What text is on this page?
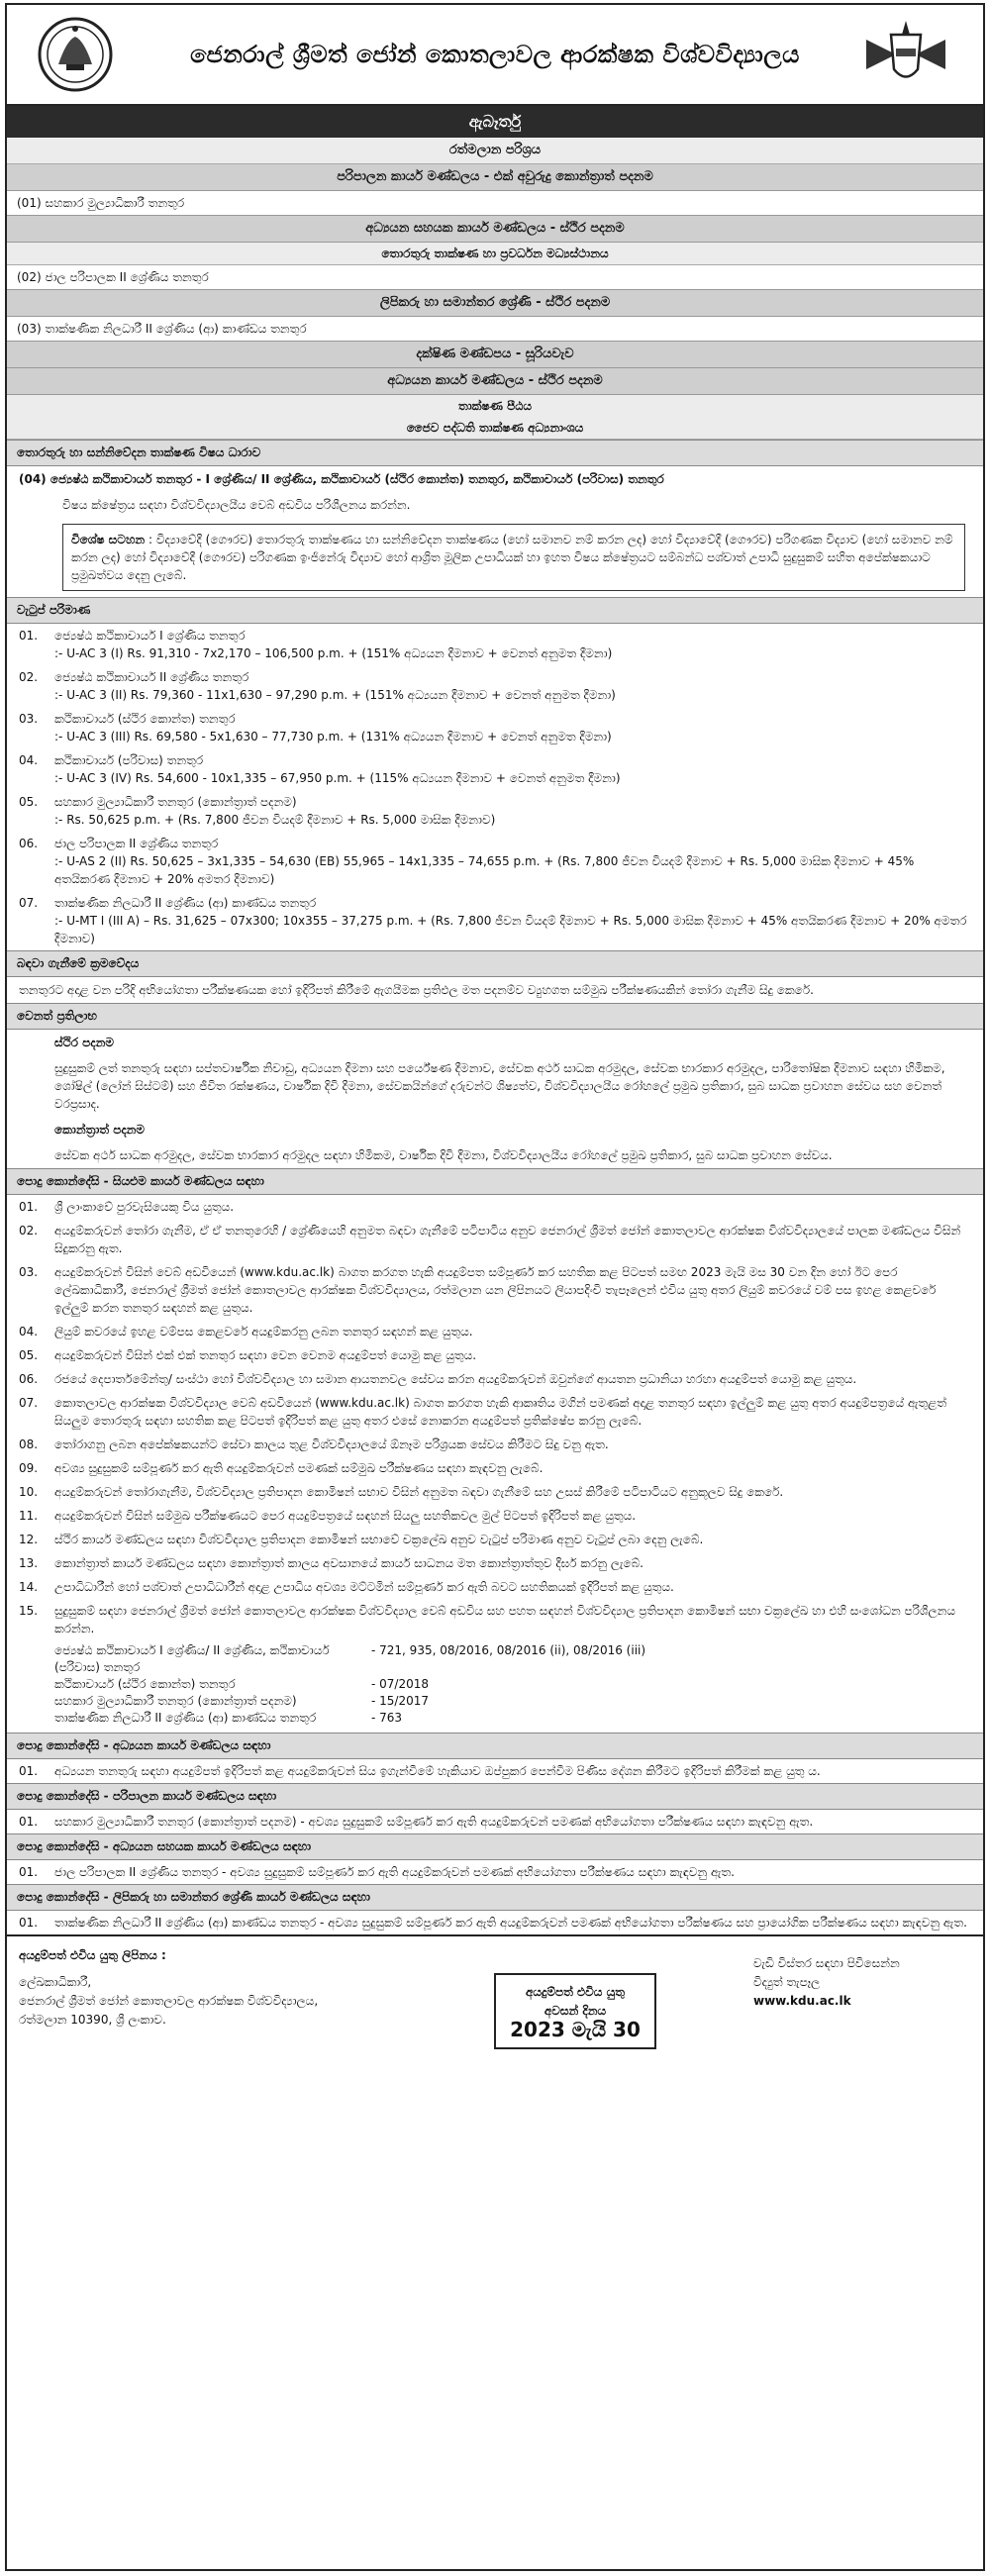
ජෙනරාල් ශ්‍රීමත් ජෝන් කොතලාවල ආරක්ෂක විශ්වවිද්‍යාලය
ඇබෑර්තු
රත්මලාන පරිශ්‍රය
පරිපාලන කාර්ය මණ්ඩලය - එක් අවුරුදු කොන්ත්‍රාත් පදනම
(01) සහකාර මුල්‍යාධිකාරී තනතුර
අධ්‍යයන සහයක කාර්ය මණ්ඩලය - ස්ථිර පදනම
තොරතුරු තාක්ෂණ හා ප්‍රවර්ධන මධ්‍යස්ථානය
(02) ජාල පරිපාලක II ශ්‍රේණිය තනතුර
ලිපිකරු හා සමාන්තර ශ්‍රේණි - ස්ථිර පදනම
(03) තාක්ෂණික නිලධාරී II ශ්‍රේණිය (ආ) කාණ්ඩය තනතුර
දක්ෂිණ මණ්ඩපය - සූරියවැව
අධ්‍යයන කාර්ය මණ්ඩලය - ස්ථිර පදනම
තාක්ෂණ පීඨය
ජෛව පද්ධති තාක්ෂණ අධ්‍යනාංශය
තොරතුරු හා සන්නිවේදන තාක්ෂණ විෂය ධාරාව
(04) ජ්‍යෙෂ්ඨ කථිකාචාර්ය තනතුර - I ශ්‍රේණිය/ II ශ්‍රේණිය, කථිකාචාර්ය (ස්ථිර කොන්ත) තනතුර, කථිකාචාර්ය (පරිවාස) තනතුර
විෂය ක්ෂේත්‍රය සඳහා විශ්වවිද්‍යාලයීය වෙබ් අඩවිය පරිශීලනය කරන්න.
විශේෂ සටහන : විද්‍යාවේදී (ගෞරව) තොරතුරු තාක්ෂණය හා සන්නිවේදන තාක්ෂණය (හෝ සමානව නම් කරන ලද) හෝ විද්‍යාවේදී (ගෞරව) පරිගණක විද්‍යාව (හෝ සමානව නම් කරන ලද) හෝ විද්‍යාවේදී (ගෞරව) පරිගණක ඉංජිනේරු විද්‍යාව හෝ ආශ්‍රිත මූලික උපාධියක් හා ඉහත විෂය ක්ෂේත්‍රයට සම්බන්ධ පශ්චාත් උපාධි සුදුසුකම් සහිත අපේක්ෂකයාට ප්‍රමුඛත්වය දෙනු ලැබේ.
වැටුප් පරිමාණ
01.	ජ්‍යෙෂ්ඨ කථිකාචාර්ය I ශ්‍රේණිය තනතුර
:- U-AC 3 (I) Rs. 91,310 - 7x2,170 – 106,500 p.m. + (151% අධ්‍යයන දීමනාව + වෙනත් අනුමත දීමනා)
02.	ජ්‍යෙෂ්ඨ කථිකාචාර්ය II ශ්‍රේණිය තනතුර
:- U-AC 3 (II) Rs. 79,360 - 11x1,630 – 97,290 p.m. + (151% අධ්‍යයන දීමනාව + වෙනත් අනුමත දීමනා)
03.	කථිකාචාර්ය (ස්ථිර කොන්ත) තනතුර
:- U-AC 3 (III) Rs. 69,580 - 5x1,630 – 77,730 p.m. + (131% අධ්‍යයන දීමනාව + වෙනත් අනුමත දීමනා)
04.	කථිකාචාර්ය (පරිවාස) තනතුර
:- U-AC 3 (IV) Rs. 54,600 - 10x1,335 – 67,950 p.m. + (115% අධ්‍යයන දීමනාව + වෙනත් අනුමත දීමනා)
05.	සහකාර මුල්‍යාධිකාරී තනතුර (කොන්ත්‍රාත් පදනම)
:- Rs. 50,625 p.m. + (Rs. 7,800 ජීවන වියදම් දීමනාව + Rs. 5,000 මාසික දීමනාව)
06.	ජාල පරිපාලක II ශ්‍රේණිය තනතුර
:- U-AS 2 (II) Rs. 50,625 – 3x1,335 – 54,630 (EB) 55,965 – 14x1,335 – 74,655 p.m. + (Rs. 7,800 ජීවන වියදම් දීමනාව + Rs. 5,000 මාසික දීමනාව + 45% අතයිකරණ දීමනාව + 20% අමතර දීමනාව)
07.	තාක්ෂණික නිලධාරී II ශ්‍රේණිය (ආ) කාණ්ඩය තනතුර
:- U-MT I (III A) – Rs. 31,625 – 07x300; 10x355 – 37,275 p.m. + (Rs. 7,800 ජීවන වියදම් දීමනාව + Rs. 5,000 මාසික දීමනාව + 45% අතයිකරණ දීමනාව + 20% අමතර දීමනාව)
බඳවා ගැනීමේ ක්‍රමවේදය
තනතුරට අදාළ වන පරිදි අභියෝගතා පරීක්ෂණයක හෝ ඉදිරිපත් කිරීමේ ඇගයීමක ප්‍රතිඵල මත පදනම්ව ව්‍යුහගත සම්මුඛ පරීක්ෂණයකින් තෝරා ගැනීම සිදු කෙරේ.
වෙනත් ප්‍රතිලාභ
ස්ථිර පදනම
සුදුසුකම් ලත් තනතුරු සඳහා සප්තවාර්ෂික නිවාඩු, අධ්‍යයන දීමනා සහ පර්යේෂණ දීමනාව, සේවක අර්ථ සාධක අරමුදල, සේවක භාරකාර අරමුදල, පාරිතෝෂික දීමනාව සඳහා හිමිකම, ශෝෂිල් (ලෝන් සිස්ටම්) සහ ජීවිත රක්ෂණය, වාර්ෂික දිවි දීමනා, සේවකයින්ගේ දරුවන්ට ශිෂ්‍යත්ව, විශ්වවිද්‍යාලයීය රෝහලේ ප්‍රමුඛ ප්‍රතිකාර, සුබ සාධක ප්‍රවාහන සේවය සහ වෙනත් වරප්‍රසාද.
කොන්ත්‍රාත් පදනම
සේවක අර්ථ සාධක අරමුදල, සේවක භාරකාර අරමුදල සඳහා හිමිකම, වාර්ෂික දිවි දීමනා, විශ්වවිද්‍යාලයීය රෝහලේ ප්‍රමුඛ ප්‍රතිකාර, සුබ සාධක ප්‍රවාහන සේවය.
පොදු කොන්දේසි - සියළුම කාර්ය මණ්ඩලය සඳහා
01.	ශ්‍රී ලාංකාවේ පුරවැසියෙකු විය යුතුය.
02.	අයදුම්කරුවන් තෝරා ගැනීම, ඒ ඒ තනතුරෙහි / ශ්‍රේණියෙහි අනුමත බඳවා ගැනීමේ පටිපාටිය අනුව ජෙනරාල් ශ්‍රීමත් ජෝන් කොතලාවල ආරක්ෂක විශ්වවිද්‍යාලයේ පාලක මණ්ඩලය විසින් සිදුකරනු ඇත.
03.	අයදුම්කරුවන් විසින් වෙබ් අඩවියෙන් (www.kdu.ac.lk) බාගත කරගත හැකි අයදුම්පත සම්පූර්ණ කර සහතික කළ පිටපත් සමඟ 2023 මැයි මස 30 වන දින හෝ ඊට පෙර ලේඛකාධිකාරී, ජෙනරාල් ශ්‍රීමත් ජෝන් කොතලාවල ආරක්ෂක විශ්වවිද්‍යාලය, රත්මලාන යන ලිපිනයට ලියාපදිංචි තැපෑලෙන් එවිය යුතු අතර ලියුම් කවරයේ වම් පස ඉහළ කෙළවරේ ඉල්ලුම් කරන තනතුර සඳහන් කළ යුතුය.
04.	ලියුම් කවරයේ ඉහළ වම්පස කෙළවරේ අයදුම්කරනු ලබන තනතුර සඳහන් කළ යුතුය.
05.	අයදුම්කරුවන් විසින් එක් එක් තනතුර සඳහා වෙන වෙනම අයදුම්පත් යොමු කළ යුතුය.
06.	රජයේ දෙපාර්තමේන්තු/ සංස්ථා හෝ විශ්වවිද්‍යාල හා සමාන ආයතනවල සේවය කරන අයදුම්කරුවන් ඔවුන්ගේ ආයතන ප්‍රධානියා හරහා අයදුම්පත් යොමු කළ යුතුය.
07.	කොතලාවල ආරක්ෂක විශ්වවිද්‍යාල වෙබ් අඩවියෙන් (www.kdu.ac.lk) බාගත කරගත හැකි ආකෘතිය මගින් පමණක් අදාළ තනතුර සඳහා ඉල්ලුම් කළ යුතු අතර අයදුම්පත්‍රයේ ඇතුළත් සියලුම තොරතුරු සඳහා සහතික කළ පිටපත් ඉදිරිපත් කළ යුතු අතර එසේ නොකරන අයදුම්පත් ප්‍රතික්ෂේප කරනු ලැබේ.
08.	තෝරාගනු ලබන අපේක්ෂකයන්ට සේවා කාලය තුළ විශ්වවිද්‍යාලයේ ඕනෑම පරිශ්‍රයක සේවය කිරීමට සිදු වනු ඇත.
09.	අවශ්‍ය සුදුසුකම් සම්පූර්ණ කර ඇති අයදුම්කරුවන් පමණක් සම්මුඛ පරීක්ෂණය සඳහා කැඳවනු ලැබේ.
10.	අයදුම්කරුවන් තෝරාගැනීම, විශ්වවිද්‍යාල ප්‍රතිපාදන කොමිෂන් සභාව විසින් අනුමත බඳවා ගැනීමේ සහ උසස් කිරීමේ පටිපාටියට අනුකූලව සිදු කෙරේ.
11.	අයදුම්කරුවන් විසින් සම්මුඛ පරීක්ෂණයට පෙර අයදුම්පත්‍රයේ සඳහන් සියලු සහතිකවල මුල් පිටපත් ඉදිරිපත් කළ යුතුය.
12.	ස්ථිර කාර්ය මණ්ඩලය සඳහා විශ්වවිද්‍යාල ප්‍රතිපාදන කොමිෂන් සභාවේ චක්‍රලේඛ අනුව වැටුප් පරිමාණ අනුව වැටුප් ලබා දෙනු ලැබේ.
13.	කොන්ත්‍රාත් කාර්ය මණ්ඩලය සඳහා කොන්ත්‍රාත් කාලය අවසානයේ කාර්ය සාධනය මත කොන්ත්‍රාත්තුව දීර්ඝ කරනු ලැබේ.
14.	උපාධිධාරීන් හෝ පශ්චාත් උපාධිධාරීන් අදාළ උපාධිය අවශ්‍ය මට්ටමින් සම්පූර්ණ කර ඇති බවට සහතිකයක් ඉදිරිපත් කළ යුතුය.
15.	සුදුසුකම් සඳහා ජෙනරාල් ශ්‍රීමත් ජෝන් කොතලාවල ආරක්ෂක විශ්වවිද්‍යාල වෙබ් අඩවිය සහ පහත සඳහන් විශ්වවිද්‍යාල ප්‍රතිපාදන කොමිෂන් සභා චක්‍රලේඛ හා එහි සංශෝධන පරිශීලනය කරන්න.
ජ්‍යෙෂ්ඨ කථිකාචාර්ය I ශ්‍රේණිය/ II ශ්‍රේණිය, කථිකාචාර්ය (පරිවාස) තනතුර
- 721, 935, 08/2016, 08/2016 (ii), 08/2016 (iii)
කථිකාචාර්ය (ස්ථිර කොන්ත) තනතුර	- 07/2018
සහකාර මුල්‍යාධිකාරී තනතුර (කොන්ත්‍රාත් පදනම)	- 15/2017
තාක්ෂණික නිලධාරී II ශ්‍රේණිය (ආ) කාණ්ඩය තනතුර	- 763
පොදු කොන්දේසි - අධ්‍යයන කාර්ය මණ්ඩලය සඳහා
01.	අධ්‍යයන තනතුරු සඳහා අයදුම්පත් ඉදිරිපත් කළ අයදුම්කරුවන් සිය ඉගැන්වීමේ හැකියාව ඔප්පුකර පෙන්වීම පිණිස දේශන කිරීමට ඉදිරිපත් කිරීමක් කළ යුතු ය.
පොදු කොන්දේසි - පරිපාලන කාර්ය මණ්ඩලය සඳහා
01.	සහකාර මුල්‍යාධිකාරී තනතුර (කොන්ත්‍රාත් පදනම) - අවශ්‍ය සුදුසුකම් සම්පූර්ණ කර ඇති අයදුම්කරුවන් පමණක් අභියෝගතා පරීක්ෂණය සඳහා කැඳවනු ඇත.
පොදු කොන්දේසි - අධ්‍යයන සහයක කාර්ය මණ්ඩලය සඳහා
01.	ජාල පරිපාලක II ශ්‍රේණිය තනතුර - අවශ්‍ය සුදුසුකම් සම්පූර්ණ කර ඇති අයදුම්කරුවන් පමණක් අභියෝගතා පරීක්ෂණය සඳහා කැඳවනු ඇත.
පොදු කොන්දේසි - ලිපිකරු හා සමාන්තර ශ්‍රේණි කාර්ය මණ්ඩලය සඳහා
01.	තාක්ෂණික නිලධාරී II ශ්‍රේණිය (ආ) කාණ්ඩය තනතුර - අවශ්‍ය සුදුසුකම් සම්පූර්ණ කර ඇති අයදුම්කරුවන් පමණක් අභියෝගතා පරීක්ෂණය සහ ප්‍රායෝගික පරීක්ෂණය සඳහා කැඳවනු ඇත.
අයදුම්පත් එවිය යුතු ලිපිනය :
ලේඛකාධිකාරී,
ජෙනරාල් ශ්‍රීමත් ජෝන් කොතලාවල ආරක්ෂක විශ්වවිද්‍යාලය,
රත්මලාන 10390, ශ්‍රී ලංකාව.
අයදුම්පත් එවිය යුතු
අවසන් දිනය
2023 මැයි 30
වැඩි විස්තර සඳහා පිවිසෙන්න
විද්‍යුත් තැපෑල
www.kdu.ac.lk
